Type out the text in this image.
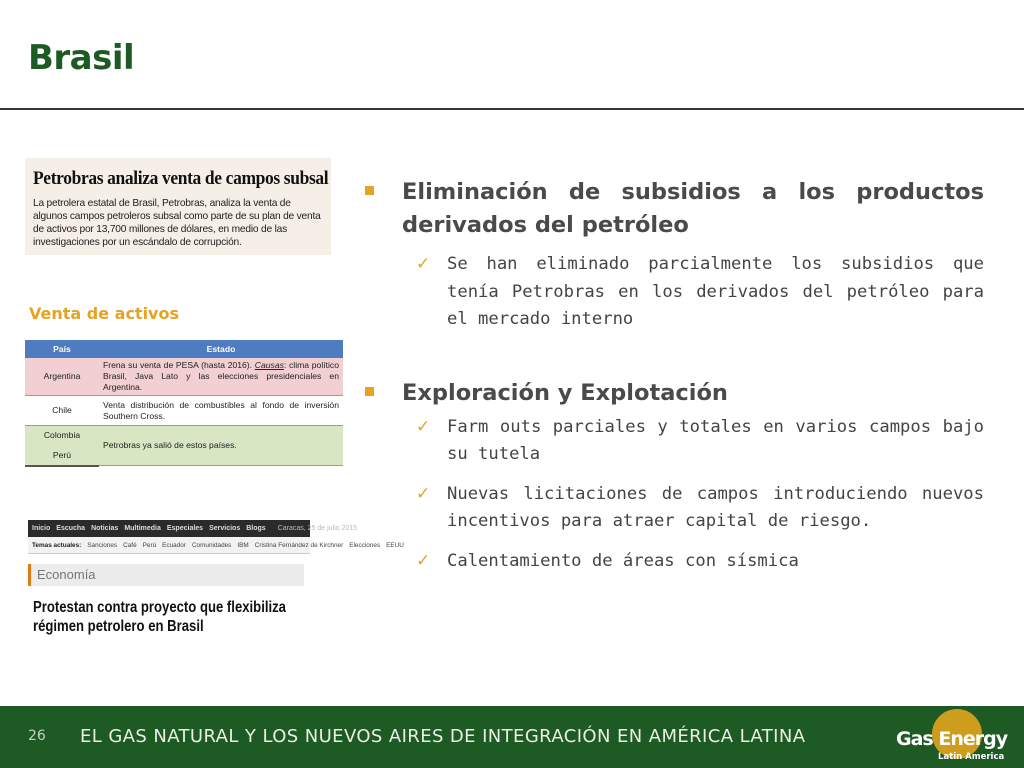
Brasil
Petrobras analiza venta de campos subsal
La petrolera estatal de Brasil, Petrobras, analiza la venta de algunos campos petroleros subsal como parte de su plan de venta de activos por 13,700 millones de dólares, en medio de las investigaciones por un escándalo de corrupción.
Venta de activos
País	Estado
Argentina	Frena su venta de PESA (hasta 2016). Causas: clima político Brasil, Java Lato y las elecciones presidenciales en Argentina.
Chile	Venta distribución de combustibles al fondo de inversión Southern Cross.
Colombia	Petrobras ya salió de estos países.
Perú	
Inicio Escucha Noticias Multimedia Especiales Servicios Blogs Caracas, 25 de julio 2015
Temas actuales: Sanciones Café Perú Ecuador Comunidades IBM Cristina Fernández de Kirchner Elecciones EEUU
Economía
Protestan contra proyecto que flexibiliza régimen petrolero en Brasil
Eliminación de subsidios a los productos derivados del petróleo
✓ Se han eliminado parcialmente los subsidios que tenía Petrobras en los derivados del petróleo para el mercado interno
Exploración y Explotación
✓ Farm outs parciales y totales en varios campos bajo su tutela
✓ Nuevas licitaciones de campos introduciendo nuevos incentivos para atraer capital de riesgo.
✓ Calentamiento de áreas con sísmica
26 EL GAS NATURAL Y LOS NUEVOS AIRES DE INTEGRACIÓN EN AMÉRICA LATINA	Gas Energy
Latin America
